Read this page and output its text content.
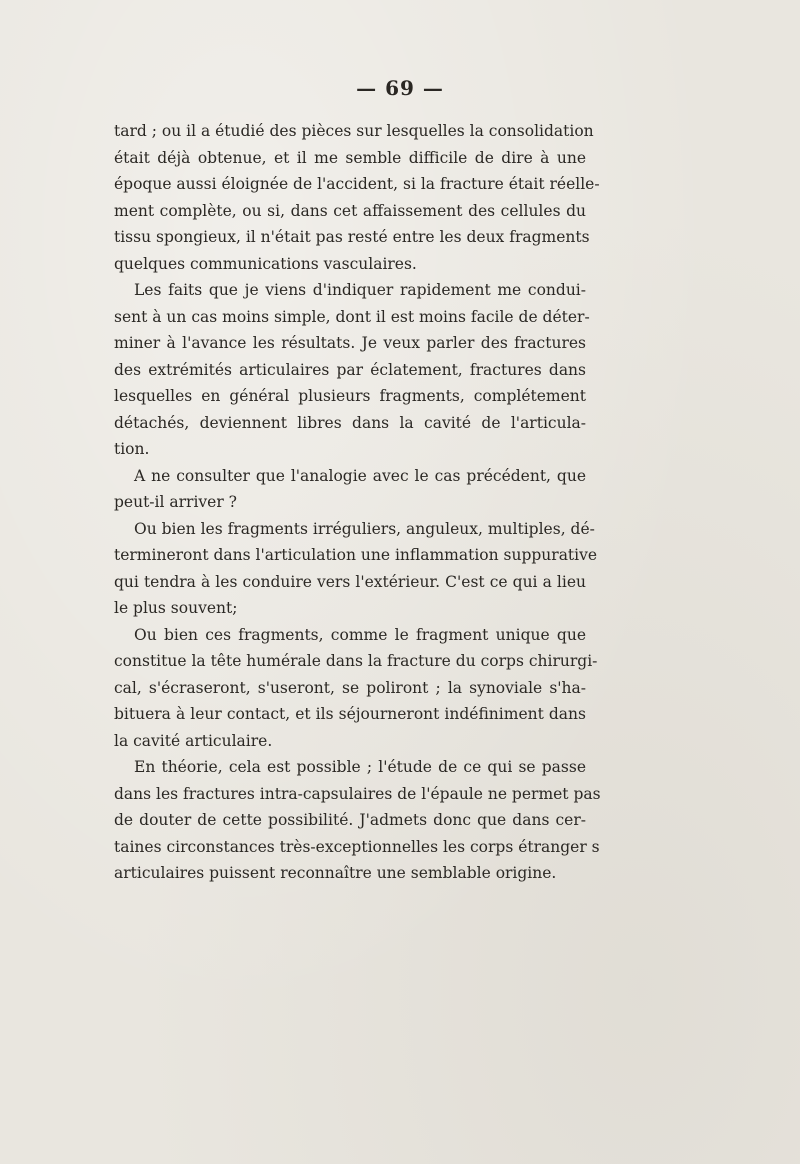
— 69 —
tard ; ou il a étudié des pièces sur lesquelles la consolidation
était déjà obtenue, et il me semble difficile de dire à une
époque aussi éloignée de l'accident, si la fracture était réelle-
ment complète, ou si, dans cet affaissement des cellules du
tissu spongieux, il n'était pas resté entre les deux fragments
quelques communications vasculaires.
Les faits que je viens d'indiquer rapidement me condui-
sent à un cas moins simple, dont il est moins facile de déter-
miner à l'avance les résultats. Je veux parler des fractures
des extrémités articulaires par éclatement, fractures dans
lesquelles en général plusieurs fragments, complétement
détachés, deviennent libres dans la cavité de l'articula-
tion.
A ne consulter que l'analogie avec le cas précédent, que
peut-il arriver ?
Ou bien les fragments irréguliers, anguleux, multiples, dé-
termineront dans l'articulation une inflammation suppurative
qui tendra à les conduire vers l'extérieur. C'est ce qui a lieu
le plus souvent;
Ou bien ces fragments, comme le fragment unique que
constitue la tête humérale dans la fracture du corps chirurgi-
cal, s'écraseront, s'useront, se poliront ; la synoviale s'ha-
bituera à leur contact, et ils séjourneront indéfiniment dans
la cavité articulaire.
En théorie, cela est possible ; l'étude de ce qui se passe
dans les fractures intra-capsulaires de l'épaule ne permet pas
de douter de cette possibilité. J'admets donc que dans cer-
taines circonstances très-exceptionnelles les corps étranger s
articulaires puissent reconnaître une semblable origine.
